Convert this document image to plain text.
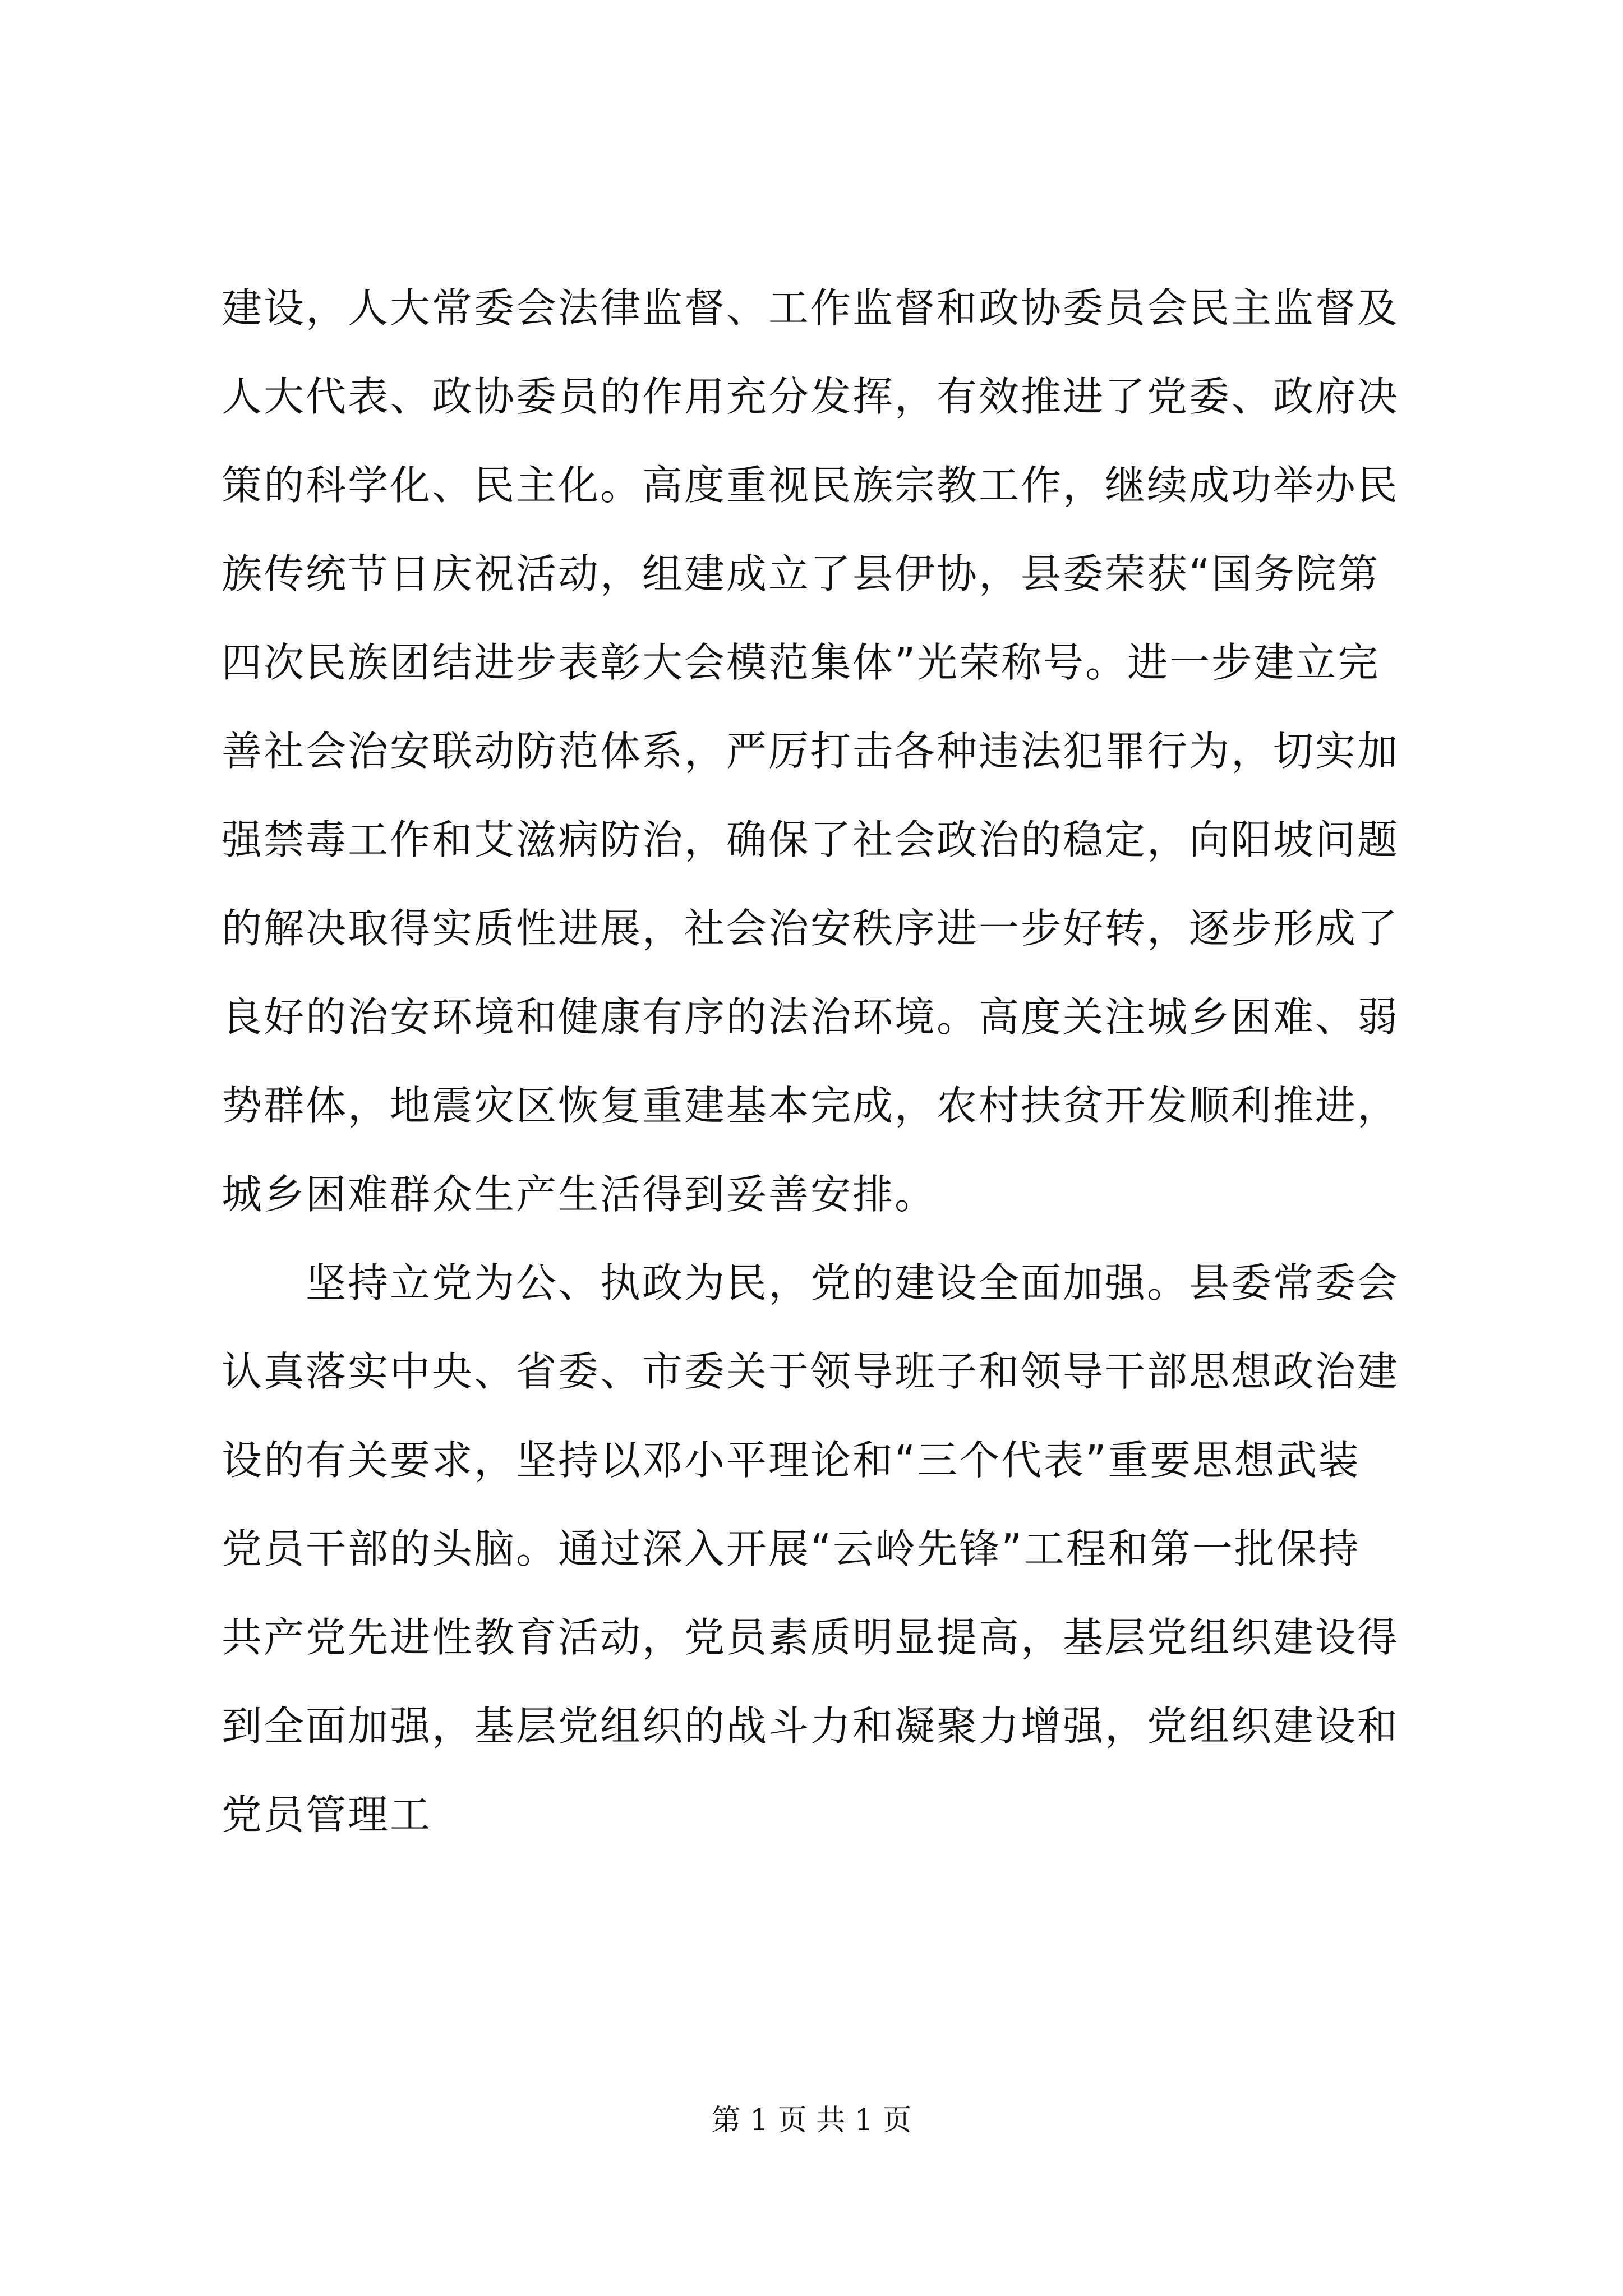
建设，人大常委会法律监督、工作监督和政协委员会民主监督及
人大代表、政协委员的作用充分发挥，有效推进了党委、政府决
策的科学化、民主化。高度重视民族宗教工作，继续成功举办民
族传统节日庆祝活动，组建成立了县伊协，县委荣获“国务院第
四次民族团结进步表彰大会模范集体”光荣称号。进一步建立完
善社会治安联动防范体系，严厉打击各种违法犯罪行为，切实加
强禁毒工作和艾滋病防治，确保了社会政治的稳定，向阳坡问题
的解决取得实质性进展，社会治安秩序进一步好转，逐步形成了
良好的治安环境和健康有序的法治环境。高度关注城乡困难、弱
势群体，地震灾区恢复重建基本完成，农村扶贫开发顺利推进，
城乡困难群众生产生活得到妥善安排。
　　坚持立党为公、执政为民，党的建设全面加强。县委常委会
认真落实中央、省委、市委关于领导班子和领导干部思想政治建
设的有关要求，坚持以邓小平理论和“三个代表”重要思想武装
党员干部的头脑。通过深入开展“云岭先锋”工程和第一批保持
共产党先进性教育活动，党员素质明显提高，基层党组织建设得
到全面加强，基层党组织的战斗力和凝聚力增强，党组织建设和
党员管理工
第 1 页 共 1 页
